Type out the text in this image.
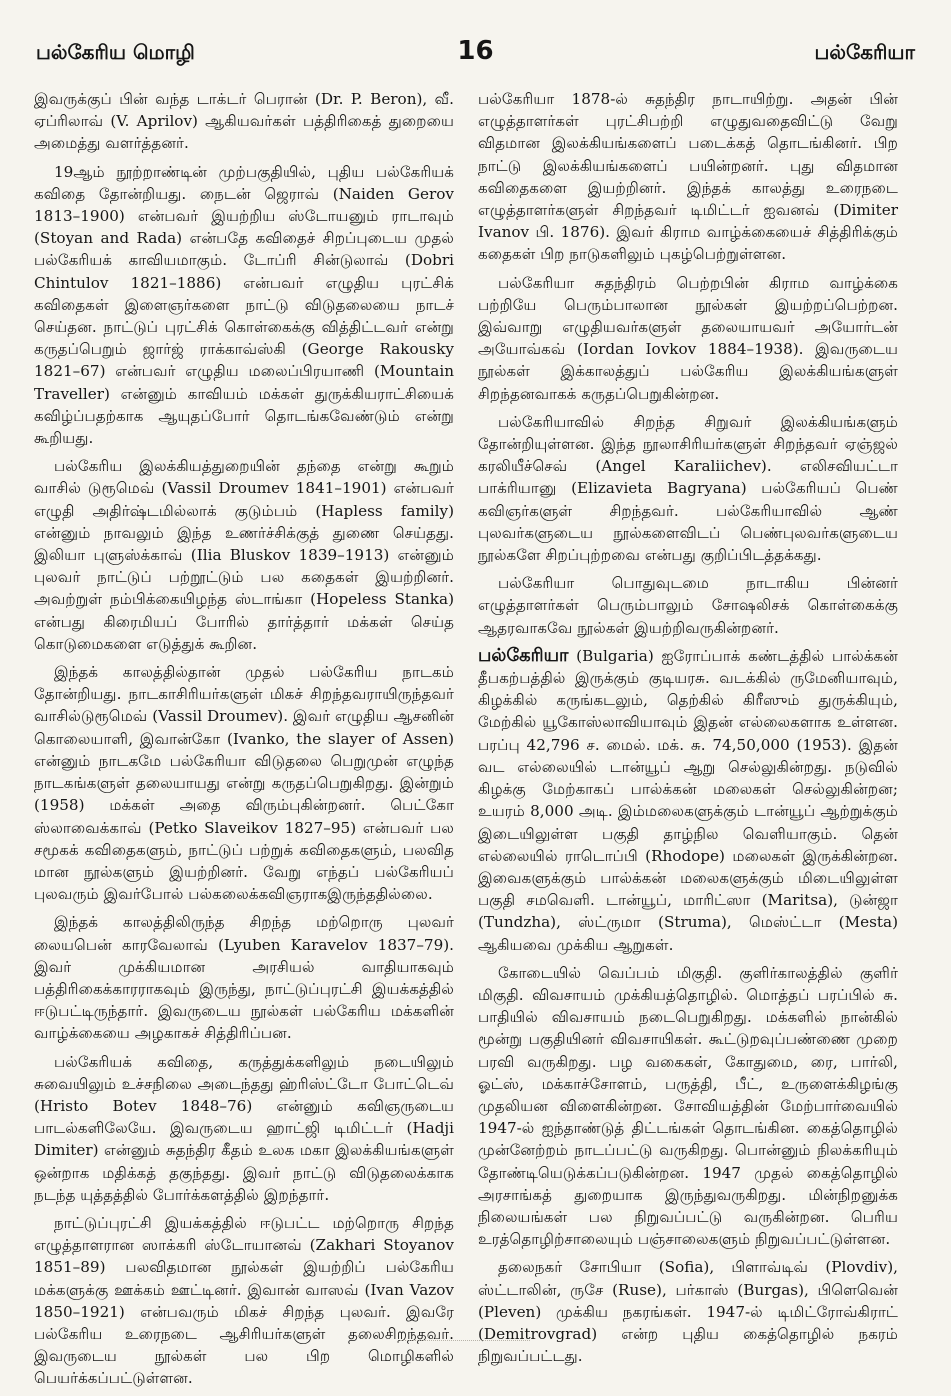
பல்கேரிய மொழி	16	பல்கேரியா

இவருக்குப் பின் வந்த டாக்டர் பெரான் (Dr. P. Beron), வீ. ஏப்ரிலாவ் (V. Aprilov) ஆகியவர்கள் பத்திரிகைத் துறையை அமைத்து வளர்த்தனர்.

19ஆம் நூற்றாண்டின் முற்பகுதியில், புதிய பல்கேரியக் கவிதை தோன்றியது. நைடன் ஜெராவ் (Naiden Gerov 1813–1900) என்பவர் இயற்றிய ஸ்டோயனும் ராடாவும் (Stoyan and Rada) என்பதே கவிதைச் சிறப்புடைய முதல் பல்கேரியக் காவியமாகும். டோப்ரி சின்டுலாவ் (Dobri Chintulov 1821–1886) என்பவர் எழுதிய புரட்சிக் கவிதைகள் இளைஞர்களை நாட்டு விடுதலையை நாடச் செய்தன. நாட்டுப் புரட்சிக் கொள்கைக்கு வித்திட்டவர் என்று கருதப்பெறும் ஜார்ஜ் ராக்காவ்ஸ்கி (George Rakousky 1821–67) என்பவர் எழுதிய மலைப்பிரயாணி (Mountain Traveller) என்னும் காவியம் மக்கள் துருக்கியராட்சியைக் கவிழ்ப்பதற்காக ஆயுதப்போர் தொடங்கவேண்டும் என்று கூறியது.

பல்கேரிய இலக்கியத்துறையின் தந்தை என்று கூறும் வாசில் டுரூமெவ் (Vassil Droumev 1841–1901) என்பவர் எழுதி அதிர்ஷ்டமில்லாக் குடும்பம் (Hapless family) என்னும் நாவலும் இந்த உணர்ச்சிக்குத் துணை செய்தது. இலியா புளுஸ்க்காவ் (Ilia Bluskov 1839–1913) என்னும் புலவர் நாட்டுப் பற்றூட்டும் பல கதைகள் இயற்றினர். அவற்றுள் நம்பிக்கையிழந்த ஸ்டாங்கா (Hopeless Stanka) என்பது கிரைமியப் போரில் தார்த்தார் மக்கள் செய்த கொடுமைகளை எடுத்துக் கூறின.

இந்தக் காலத்தில்தான் முதல் பல்கேரிய நாடகம் தோன்றியது. நாடகாசிரியர்களுள் மிகச் சிறந்தவராயிருந்தவர் வாசில்டுரூமெவ் (Vassil Droumev). இவர் எழுதிய ஆசனின் கொலையாளி, இவான்கோ (Ivanko, the slayer of Assen) என்னும் நாடகமே பல்கேரியா விடுதலை பெறுமுன் எழுந்த நாடகங்களுள் தலையாயது என்று கருதப்பெறுகிறது. இன்றும் (1958) மக்கள் அதை விரும்புகின்றனர். பெட்கோ ஸ்லாவைக்காவ் (Petko Slaveikov 1827–95) என்பவர் பல சமூகக் கவிதைகளும், நாட்டுப் பற்றுக் கவிதைகளும், பலவித மான நூல்களும் இயற்றினர். வேறு எந்தப் பல்கேரியப் புலவரும் இவர்போல் பல்கலைக்கவிஞராகஇருந்ததில்லை.

இந்தக் காலத்திலிருந்த சிறந்த மற்றொரு புலவர் லையபென் காரவேலாவ் (Lyuben Karavelov 1837–79). இவர் முக்கியமான அரசியல் வாதியாகவும் பத்திரிகைக்காரராகவும் இருந்து, நாட்டுப்புரட்சி இயக்கத்தில் ஈடுபட்டிருந்தார். இவருடைய நூல்கள் பல்கேரிய மக்களின் வாழ்க்கையை அழகாகச் சித்திரிப்பன.

பல்கேரியக் கவிதை, கருத்துக்களிலும் நடையிலும் சுவையிலும் உச்சநிலை அடைந்தது ஹ்ரிஸ்ட்டோ போட்டெவ் (Hristo Botev 1848–76) என்னும் கவிஞருடைய பாடல்களிலேயே. இவருடைய ஹாட்ஜி டிமிட்டர் (Hadji Dimiter) என்னும் சுதந்திர கீதம் உலக மகா இலக்கியங்களுள் ஒன்றாக மதிக்கத் தகுந்தது. இவர் நாட்டு விடுதலைக்காக நடந்த யுத்தத்தில் போர்க்களத்தில் இறந்தார்.

நாட்டுப்புரட்சி இயக்கத்தில் ஈடுபட்ட மற்றொரு சிறந்த எழுத்தாளரான ஸாக்கரி ஸ்டோயானவ் (Zakhari Stoyanov 1851–89) பலவிதமான நூல்கள் இயற்றிப் பல்கேரிய மக்களுக்கு ஊக்கம் ஊட்டினர். இவான் வாஸவ் (Ivan Vazov 1850–1921) என்பவரும் மிகச் சிறந்த புலவர். இவரே பல்கேரிய உரைநடை ஆசிரியர்களுள் தலைசிறந்தவர். இவருடைய நூல்கள் பல பிற மொழிகளில் பெயர்க்கப்பட்டுள்ளன.

பல்கேரியா 1878-ல் சுதந்திர நாடாயிற்று. அதன் பின் எழுத்தாளர்கள் புரட்சிபற்றி எழுதுவதைவிட்டு வேறு விதமான இலக்கியங்களைப் படைக்கத் தொடங்கினர். பிற நாட்டு இலக்கியங்களைப் பயின்றனர். புது விதமான கவிதைகளை இயற்றினர். இந்தக் காலத்து உரைநடை எழுத்தாளர்களுள் சிறந்தவர் டிமிட்டர் ஐவனவ் (Dimiter Ivanov பி. 1876). இவர் கிராம வாழ்க்கையைச் சித்திரிக்கும் கதைகள் பிற நாடுகளிலும் புகழ்பெற்றுள்ளன.

பல்கேரியா சுதந்திரம் பெற்றபின் கிராம வாழ்க்கை பற்றியே பெரும்பாலான நூல்கள் இயற்றப்பெற்றன. இவ்வாறு எழுதியவர்களுள் தலையாயவர் அயோர்டன் அயோவ்கவ் (Iordan Iovkov 1884–1938). இவருடைய நூல்கள் இக்காலத்துப் பல்கேரிய இலக்கியங்களுள் சிறந்தனவாகக் கருதப்பெறுகின்றன.

பல்கேரியாவில் சிறந்த சிறுவர் இலக்கியங்களும் தோன்றியுள்ளன. இந்த நூலாசிரியர்களுள் சிறந்தவர் ஏஞ்ஜல் கரலியீச்செவ் (Angel Karaliichev). எலிசவியட்டா பாக்ரியானு (Elizavieta Bagryana) பல்கேரியப் பெண் கவிஞர்களுள் சிறந்தவர். பல்கேரியாவில் ஆண் புலவர்களுடைய நூல்களைவிடப் பெண்புலவர்களுடைய நூல்களே சிறப்புற்றவை என்பது குறிப்பிடத்தக்கது.

பல்கேரியா பொதுவுடமை நாடாகிய பின்னர் எழுத்தாளர்கள் பெரும்பாலும் சோஷலிசக் கொள்கைக்கு ஆதரவாகவே நூல்கள் இயற்றிவருகின்றனர்.

பல்கேரியா (Bulgaria) ஐரோப்பாக் கண்டத்தில் பால்க்கன் தீபகற்பத்தில் இருக்கும் குடியரசு. வடக்கில் ருமேனியாவும், கிழக்கில் கருங்கடலும், தெற்கில் கிரீஸும் துருக்கியும், மேற்கில் யூகோஸ்லாவியாவும் இதன் எல்லைகளாக உள்ளன. பரப்பு 42,796 ச. மைல். மக். சு. 74,50,000 (1953). இதன் வட எல்லையில் டான்யூப் ஆறு செல்லுகின்றது. நடுவில் கிழக்கு மேற்காகப் பால்க்கன் மலைகள் செல்லுகின்றன; உயரம் 8,000 அடி. இம்மலைகளுக்கும் டான்யூப் ஆற்றுக்கும் இடையிலுள்ள பகுதி தாழ்நில வெளியாகும். தென் எல்லையில் ராடொப்பி (Rhodope) மலைகள் இருக்கின்றன. இவைகளுக்கும் பால்க்கன் மலைகளுக்கும் மிடையிலுள்ள பகுதி சமவெளி. டான்யூப், மாரிட்ஸா (Maritsa), டுன்ஜா (Tundzha), ஸ்ட்ருமா (Struma), மெஸ்ட்டா (Mesta) ஆகியவை முக்கிய ஆறுகள்.

கோடையில் வெப்பம் மிகுதி. குளிர்காலத்தில் குளிர் மிகுதி. விவசாயம் முக்கியத்தொழில். மொத்தப் பரப்பில் சு. பாதியில் விவசாயம் நடைபெறுகிறது. மக்களில் நான்கில் மூன்று பகுதியினர் விவசாயிகள். கூட்டுறவுப்பண்ணை முறை பரவி வருகிறது. பழ வகைகள், கோதுமை, ரை, பார்லி, ஓட்ஸ், மக்காச்சோளம், பருத்தி, பீட், உருளைக்கிழங்கு முதலியன விளைகின்றன. சோவியத்தின் மேற்பார்வையில் 1947-ல் ஐந்தாண்டுத் திட்டங்கள் தொடங்கின. கைத்தொழில் முன்னேற்றம் நாடப்பட்டு வருகிறது. பொன்னும் நிலக்கரியும் தோண்டியெடுக்கப்படுகின்றன. 1947 முதல் கைத்தொழில் அரசாங்கத் துறையாக இருந்துவருகிறது. மின்நிறனுக்க நிலையங்கள் பல நிறுவப்பட்டு வருகின்றன. பெரிய உரத்தொழிற்சாலையும் பஞ்சாலைகளும் நிறுவப்பட்டுள்ளன.

தலைநகர் சோபியா (Sofia), பிளாவ்டிவ் (Plovdiv), ஸ்ட்டாலின், ருசே (Ruse), பர்காஸ் (Burgas), பிளெவென் (Pleven) முக்கிய நகரங்கள். 1947-ல் டிமிட்ரோவ்கிராட் (Demitrovgrad) என்ற புதிய கைத்தொழில் நகரம் நிறுவப்பட்டது.
